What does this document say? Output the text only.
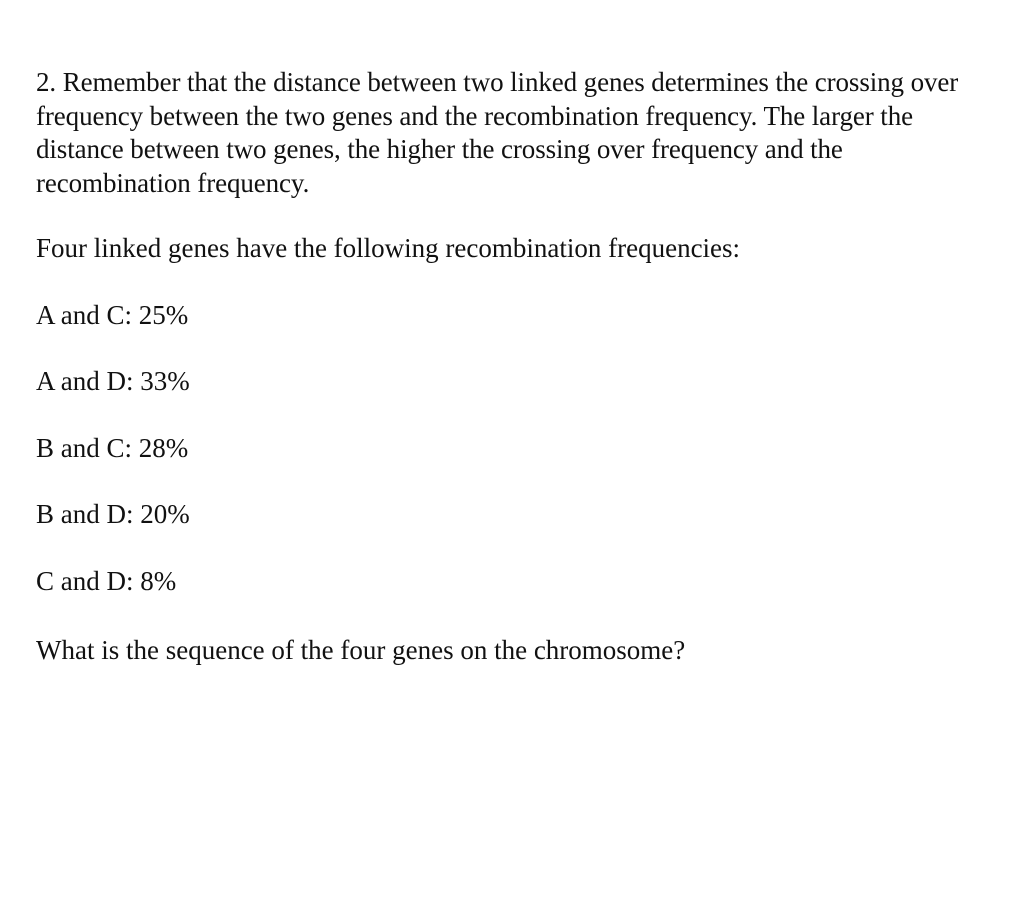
2. Remember that the distance between two linked genes determines the crossing over frequency between the two genes and the recombination frequency. The larger the distance between two genes, the higher the crossing over frequency and the recombination frequency.

Four linked genes have the following recombination frequencies:

A and C: 25%
A and D: 33%
B and C: 28%
B and D: 20%
C and D: 8%

What is the sequence of the four genes on the chromosome?
